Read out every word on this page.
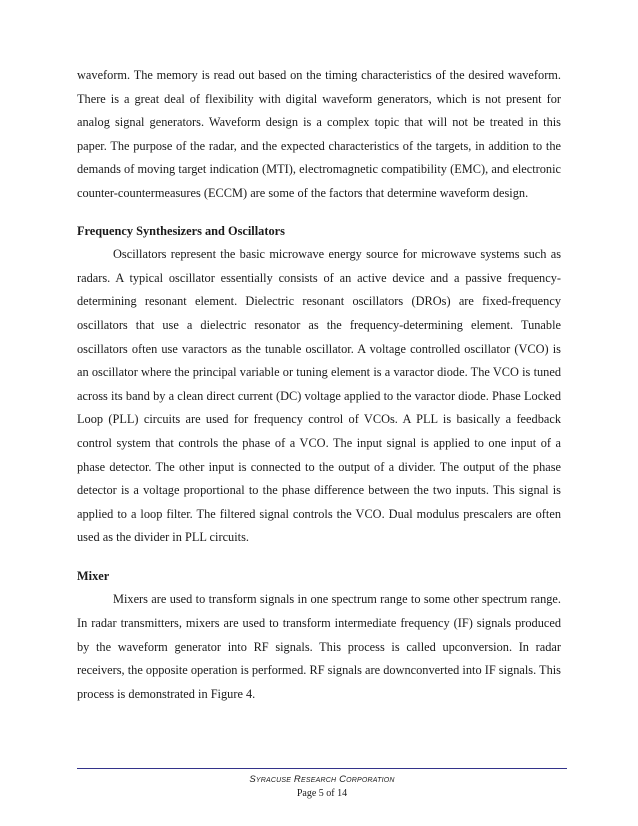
waveform. The memory is read out based on the timing characteristics of the desired waveform. There is a great deal of flexibility with digital waveform generators, which is not present for analog signal generators. Waveform design is a complex topic that will not be treated in this paper. The purpose of the radar, and the expected characteristics of the targets, in addition to the demands of moving target indication (MTI), electromagnetic compatibility (EMC), and electronic counter-countermeasures (ECCM) are some of the factors that determine waveform design.

Frequency Synthesizers and Oscillators

Oscillators represent the basic microwave energy source for microwave systems such as radars. A typical oscillator essentially consists of an active device and a passive frequency-determining resonant element. Dielectric resonant oscillators (DROs) are fixed-frequency oscillators that use a dielectric resonator as the frequency-determining element. Tunable oscillators often use varactors as the tunable oscillator. A voltage controlled oscillator (VCO) is an oscillator where the principal variable or tuning element is a varactor diode. The VCO is tuned across its band by a clean direct current (DC) voltage applied to the varactor diode. Phase Locked Loop (PLL) circuits are used for frequency control of VCOs. A PLL is basically a feedback control system that controls the phase of a VCO. The input signal is applied to one input of a phase detector. The other input is connected to the output of a divider. The output of the phase detector is a voltage proportional to the phase difference between the two inputs. This signal is applied to a loop filter. The filtered signal controls the VCO. Dual modulus prescalers are often used as the divider in PLL circuits.

Mixer

Mixers are used to transform signals in one spectrum range to some other spectrum range. In radar transmitters, mixers are used to transform intermediate frequency (IF) signals produced by the waveform generator into RF signals. This process is called upconversion. In radar receivers, the opposite operation is performed. RF signals are downconverted into IF signals. This process is demonstrated in Figure 4.

Syracuse Research Corporation
Page 5 of 14
